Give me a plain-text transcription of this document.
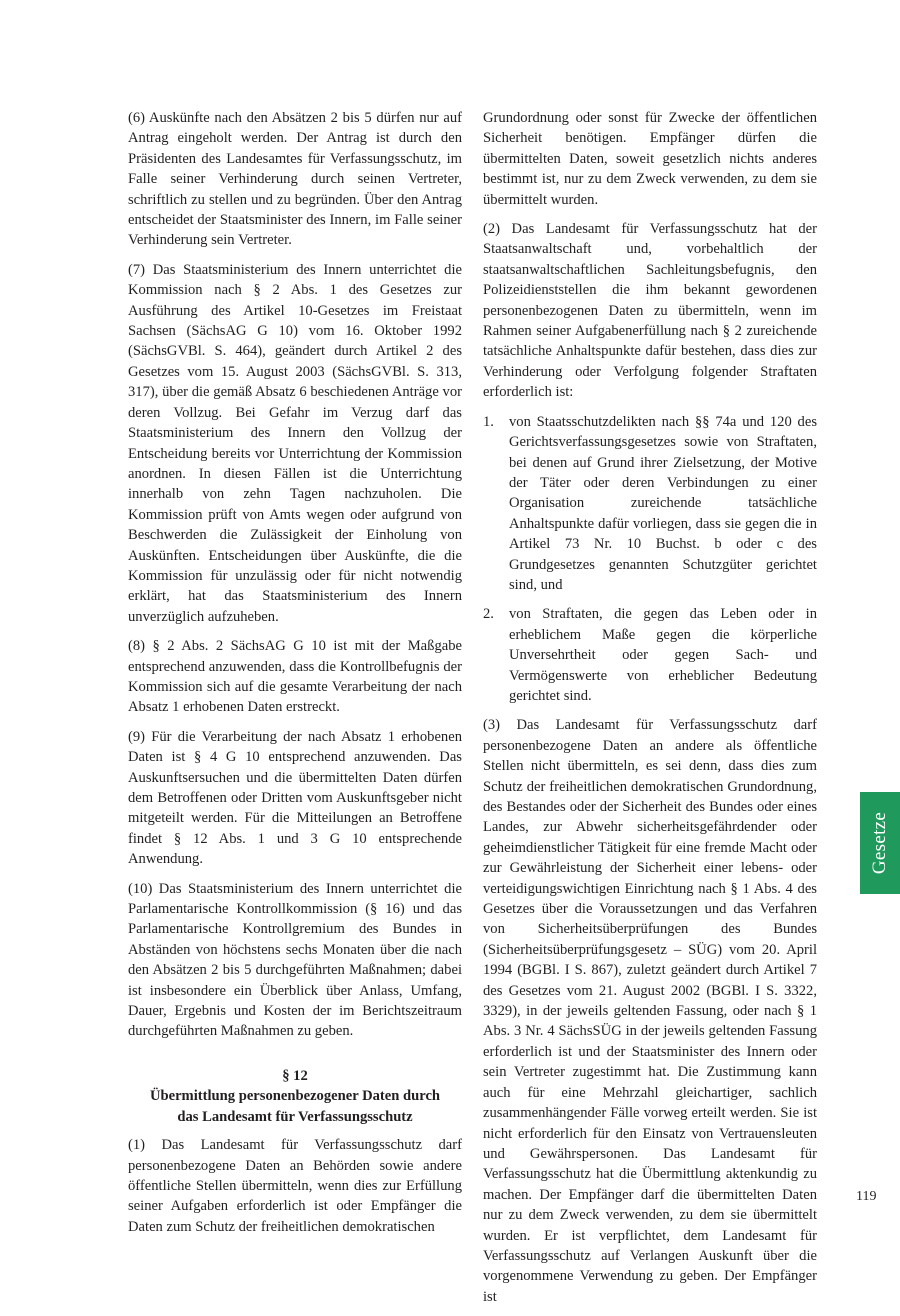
(6) Auskünfte nach den Absätzen 2 bis 5 dürfen nur auf Antrag eingeholt werden. Der Antrag ist durch den Präsidenten des Landesamtes für Verfassungsschutz, im Falle seiner Verhinderung durch seinen Vertreter, schriftlich zu stellen und zu begründen. Über den Antrag entscheidet der Staatsminister des Innern, im Falle seiner Verhinderung sein Vertreter.

(7) Das Staatsministerium des Innern unterrichtet die Kommission nach § 2 Abs. 1 des Gesetzes zur Ausführung des Artikel 10-Gesetzes im Freistaat Sachsen (SächsAG G 10) vom 16. Oktober 1992 (SächsGVBl. S. 464), geändert durch Artikel 2 des Gesetzes vom 15. August 2003 (SächsGVBl. S. 313, 317), über die gemäß Absatz 6 beschiedenen Anträge vor deren Vollzug. Bei Gefahr im Verzug darf das Staatsministerium des Innern den Vollzug der Entscheidung bereits vor Unterrichtung der Kommission anordnen. In diesen Fällen ist die Unterrichtung innerhalb von zehn Tagen nachzuholen. Die Kommission prüft von Amts wegen oder aufgrund von Beschwerden die Zulässigkeit der Einholung von Auskünften. Entscheidungen über Auskünfte, die die Kommission für unzulässig oder für nicht notwendig erklärt, hat das Staatsministerium des Innern unverzüglich aufzuheben.

(8) § 2 Abs. 2 SächsAG G 10 ist mit der Maßgabe entsprechend anzuwenden, dass die Kontrollbefugnis der Kommission sich auf die gesamte Verarbeitung der nach Absatz 1 erhobenen Daten erstreckt.

(9) Für die Verarbeitung der nach Absatz 1 erhobenen Daten ist § 4 G 10 entsprechend anzuwenden. Das Auskunftsersuchen und die übermittelten Daten dürfen dem Betroffenen oder Dritten vom Auskunftsgeber nicht mitgeteilt werden. Für die Mitteilungen an Betroffene findet § 12 Abs. 1 und 3 G 10 entsprechende Anwendung.

(10) Das Staatsministerium des Innern unterrichtet die Parlamentarische Kontrollkommission (§ 16) und das Parlamentarische Kontrollgremium des Bundes in Abständen von höchstens sechs Monaten über die nach den Absätzen 2 bis 5 durchgeführten Maßnahmen; dabei ist insbesondere ein Überblick über Anlass, Umfang, Dauer, Ergebnis und Kosten der im Berichtszeitraum durchgeführten Maßnahmen zu geben.

§ 12
Übermittlung personenbezogener Daten durch
das Landesamt für Verfassungsschutz

(1) Das Landesamt für Verfassungsschutz darf personenbezogene Daten an Behörden sowie andere öffentliche Stellen übermitteln, wenn dies zur Erfüllung seiner Aufgaben erforderlich ist oder Empfänger die Daten zum Schutz der freiheitlichen demokratischen

Grundordnung oder sonst für Zwecke der öffentlichen Sicherheit benötigen. Empfänger dürfen die übermittelten Daten, soweit gesetzlich nichts anderes bestimmt ist, nur zu dem Zweck verwenden, zu dem sie übermittelt wurden.

(2) Das Landesamt für Verfassungsschutz hat der Staatsanwaltschaft und, vorbehaltlich der staatsanwaltschaftlichen Sachleitungsbefugnis, den Polizeidienststellen die ihm bekannt gewordenen personenbezogenen Daten zu übermitteln, wenn im Rahmen seiner Aufgabenerfüllung nach § 2 zureichende tatsächliche Anhaltspunkte dafür bestehen, dass dies zur Verhinderung oder Verfolgung folgender Straftaten erforderlich ist:

1. von Staatsschutzdelikten nach §§ 74a und 120 des Gerichtsverfassungsgesetzes sowie von Straftaten, bei denen auf Grund ihrer Zielsetzung, der Motive der Täter oder deren Verbindungen zu einer Organisation zureichende tatsächliche Anhaltspunkte dafür vorliegen, dass sie gegen die in Artikel 73 Nr. 10 Buchst. b oder c des Grundgesetzes genannten Schutzgüter gerichtet sind, und
2. von Straftaten, die gegen das Leben oder in erheblichem Maße gegen die körperliche Unversehrtheit oder gegen Sach- und Vermögenswerte von erheblicher Bedeutung gerichtet sind.

(3) Das Landesamt für Verfassungsschutz darf personenbezogene Daten an andere als öffentliche Stellen nicht übermitteln, es sei denn, dass dies zum Schutz der freiheitlichen demokratischen Grundordnung, des Bestandes oder der Sicherheit des Bundes oder eines Landes, zur Abwehr sicherheitsgefährdender oder geheimdienstlicher Tätigkeit für eine fremde Macht oder zur Gewährleistung der Sicherheit einer lebens- oder verteidigungswichtigen Einrichtung nach § 1 Abs. 4 des Gesetzes über die Voraussetzungen und das Verfahren von Sicherheitsüberprüfungen des Bundes (Sicherheitsüberprüfungsgesetz – SÜG) vom 20. April 1994 (BGBl. I S. 867), zuletzt geändert durch Artikel 7 des Gesetzes vom 21. August 2002 (BGBl. I S. 3322, 3329), in der jeweils geltenden Fassung, oder nach § 1 Abs. 3 Nr. 4 SächsSÜG in der jeweils geltenden Fassung erforderlich ist und der Staatsminister des Innern oder sein Vertreter zugestimmt hat. Die Zustimmung kann auch für eine Mehrzahl gleichartiger, sachlich zusammenhängender Fälle vorweg erteilt werden. Sie ist nicht erforderlich für den Einsatz von Vertrauensleuten und Gewährspersonen. Das Landesamt für Verfassungsschutz hat die Übermittlung aktenkundig zu machen. Der Empfänger darf die übermittelten Daten nur zu dem Zweck verwenden, zu dem sie übermittelt wurden. Er ist verpflichtet, dem Landesamt für Verfassungsschutz auf Verlangen Auskunft über die vorgenommene Verwendung zu geben. Der Empfänger ist

Gesetze
119
